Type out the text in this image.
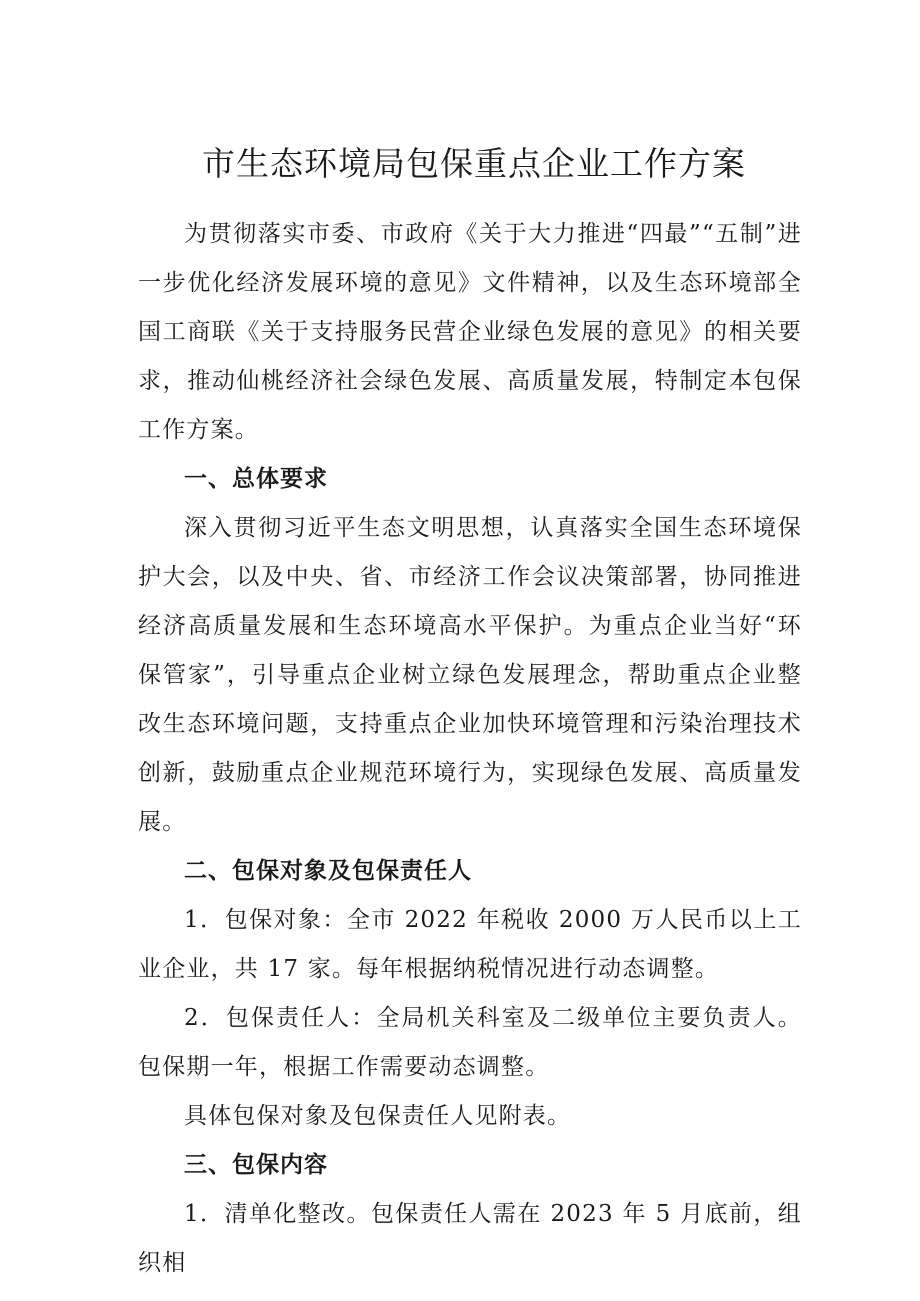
市生态环境局包保重点企业工作方案

为贯彻落实市委、市政府《关于大力推进“四最”“五制”进一步优化经济发展环境的意见》文件精神，以及生态环境部全国工商联《关于支持服务民营企业绿色发展的意见》的相关要求，推动仙桃经济社会绿色发展、高质量发展，特制定本包保工作方案。

一、总体要求

深入贯彻习近平生态文明思想，认真落实全国生态环境保护大会，以及中央、省、市经济工作会议决策部署，协同推进经济高质量发展和生态环境高水平保护。为重点企业当好“环保管家”，引导重点企业树立绿色发展理念，帮助重点企业整改生态环境问题，支持重点企业加快环境管理和污染治理技术创新，鼓励重点企业规范环境行为，实现绿色发展、高质量发展。

二、包保对象及包保责任人

1．包保对象：全市 2022 年税收 2000 万人民币以上工业企业，共 17 家。每年根据纳税情况进行动态调整。

2．包保责任人：全局机关科室及二级单位主要负责人。包保期一年，根据工作需要动态调整。

具体包保对象及包保责任人见附表。

三、包保内容

1．清单化整改。包保责任人需在 2023 年 5 月底前，组织相
